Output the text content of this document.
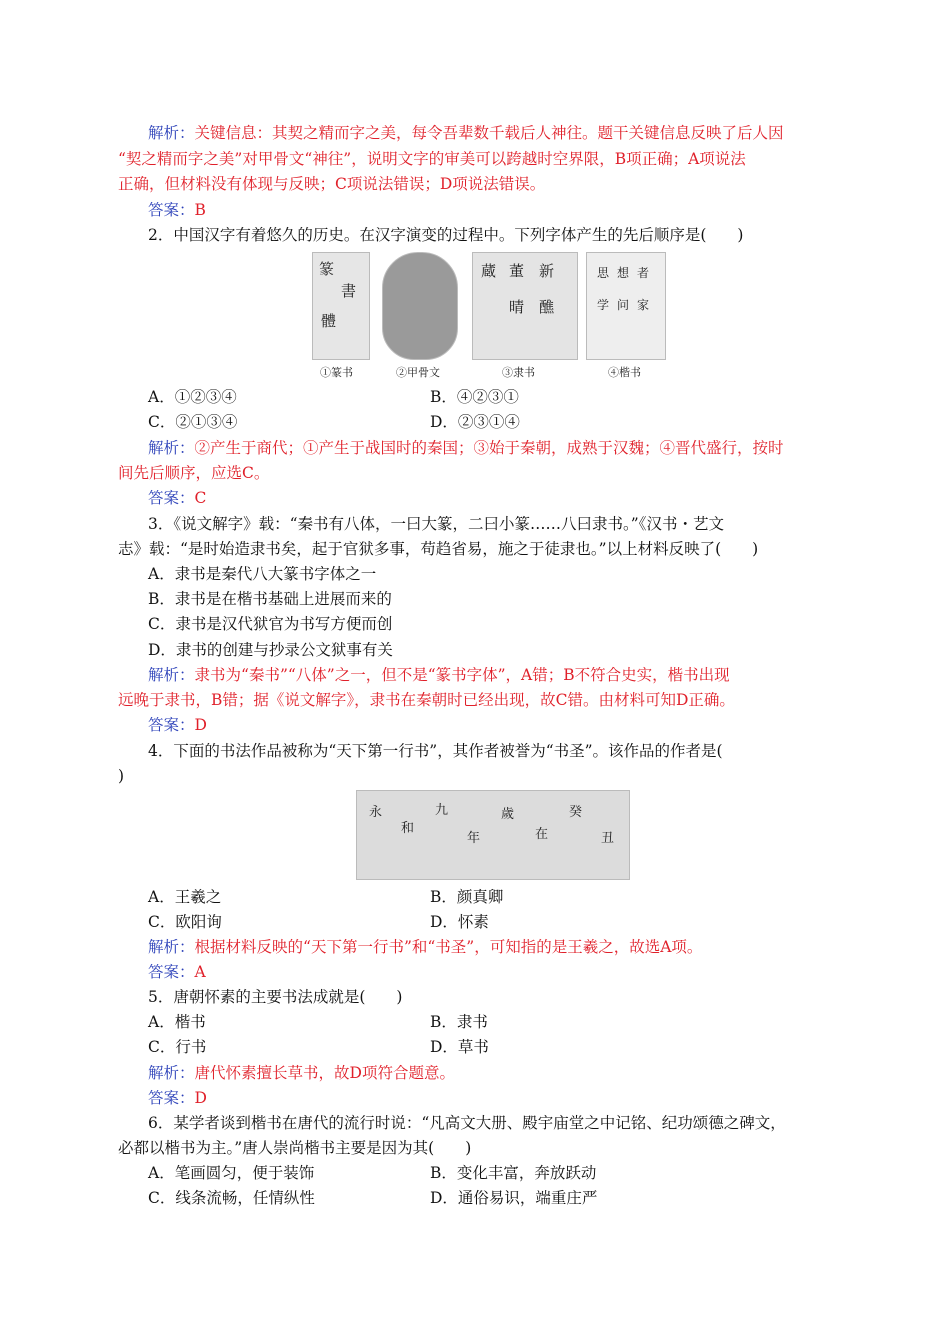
解析：关键信息：其契之精而字之美，每令吾辈数千载后人神往。题干关键信息反映了后人因
“契之精而字之美”对甲骨文“神往”，说明文字的审美可以跨越时空界限，B项正确；A项说法
正确，但材料没有体现与反映；C项说法错误；D项说法错误。
答案：B
2．中国汉字有着悠久的历史。在汉字演变的过程中。下列字体产生的先后顺序是(　　)
篆
書
體
蔵 董 新
晴 醮
思 想 者
学 问 家
①篆书	②甲骨文	③隶书	④楷书
A．①②③④	B．④②③①
C．②①③④	D．②③①④
解析：②产生于商代；①产生于战国时的秦国；③始于秦朝，成熟于汉魏；④晋代盛行，按时
间先后顺序，应选C。
答案：C
3．《说文解字》载：“秦书有八体，一曰大篆，二曰小篆……八曰隶书。”《汉书・艺文
志》载：“是时始造隶书矣，起于官狱多事，苟趋省易，施之于徒隶也。”以上材料反映了(　　)
A．隶书是秦代八大篆书字体之一
B．隶书是在楷书基础上进展而来的
C．隶书是汉代狱官为书写方便而创
D．隶书的创建与抄录公文狱事有关
解析：隶书为“秦书”“八体”之一，但不是“篆书字体”，A错；B不符合史实，楷书出现
远晚于隶书，B错；据《说文解字》，隶书在秦朝时已经出现，故C错。由材料可知D正确。
答案：D
4．下面的书法作品被称为“天下第一行书”，其作者被誉为“书圣”。该作品的作者是(
)
永
和
九
年
歲
在
癸
丑
A．王羲之	B．颜真卿
C．欧阳询	D．怀素
解析：根据材料反映的“天下第一行书”和“书圣”，可知指的是王羲之，故选A项。
答案：A
5．唐朝怀素的主要书法成就是(　　)
A．楷书	B．隶书
C．行书	D．草书
解析：唐代怀素擅长草书，故D项符合题意。
答案：D
6．某学者谈到楷书在唐代的流行时说：“凡高文大册、殿宇庙堂之中记铭、纪功颂德之碑文，
必都以楷书为主。”唐人崇尚楷书主要是因为其(　　)
A．笔画圆匀，便于装饰	B．变化丰富，奔放跃动
C．线条流畅，任情纵性	D．通俗易识，端重庄严
